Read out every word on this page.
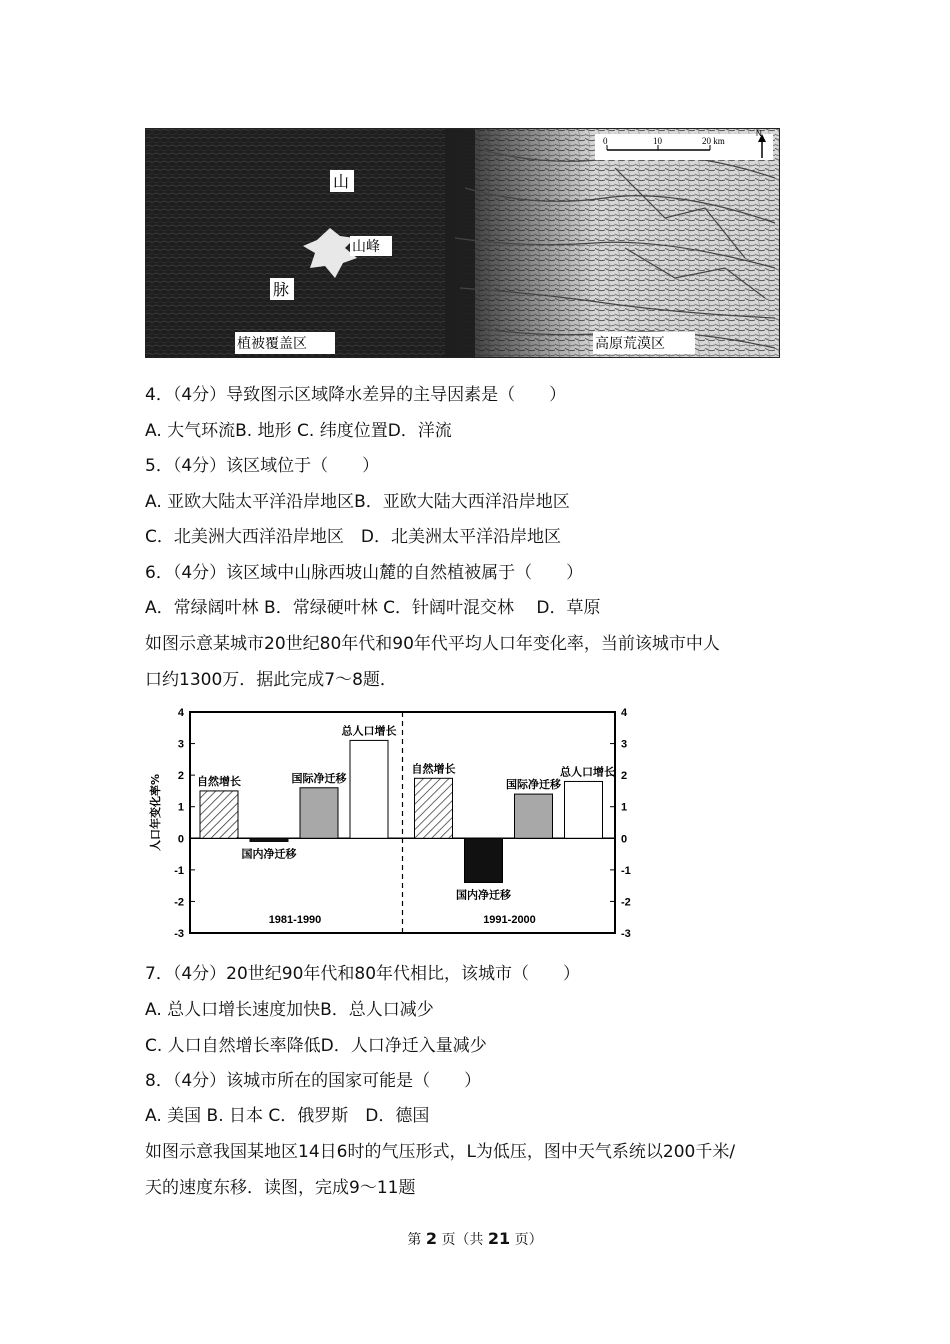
0	10	20 km
N
山
山峰
脉
植被覆盖区	高原荒漠区
4．（4分）导致图示区域降水差异的主导因素是（　　）
A. 大气环流B. 地形 C. 纬度位置D．洋流
5．（4分）该区域位于（　　）
A. 亚欧大陆太平洋沿岸地区B．亚欧大陆大西洋沿岸地区
C．北美洲大西洋沿岸地区　D．北美洲太平洋沿岸地区
6．（4分）该区域中山脉西坡山麓的自然植被属于（　　）
A．常绿阔叶林 B．常绿硬叶林 C．针阔叶混交林　 D．草原
如图示意某城市20世纪80年代和90年代平均人口年变化率，当前该城市中人
口约1300万．据此完成7～8题．
4	4
3	3
2	2
1	1
0	0
-1	-1
-2	-2
-3	-3
人口年变化率%	自然增长
国内净迁移
国际净迁移
总人口增长
1981-1990
自然增长
国内净迁移
国际净迁移
总人口增长
1991-2000
7．（4分）20世纪90年代和80年代相比，该城市（　　）
A. 总人口增长速度加快B．总人口减少
C. 人口自然增长率降低D．人口净迁入量减少
8．（4分）该城市所在的国家可能是（　　）
A. 美国 B. 日本 C．俄罗斯　D．德国
如图示意我国某地区14日6时的气压形式，L为低压，图中天气系统以200千米/
天的速度东移．读图，完成9～11题
第 2 页（共 21 页）
